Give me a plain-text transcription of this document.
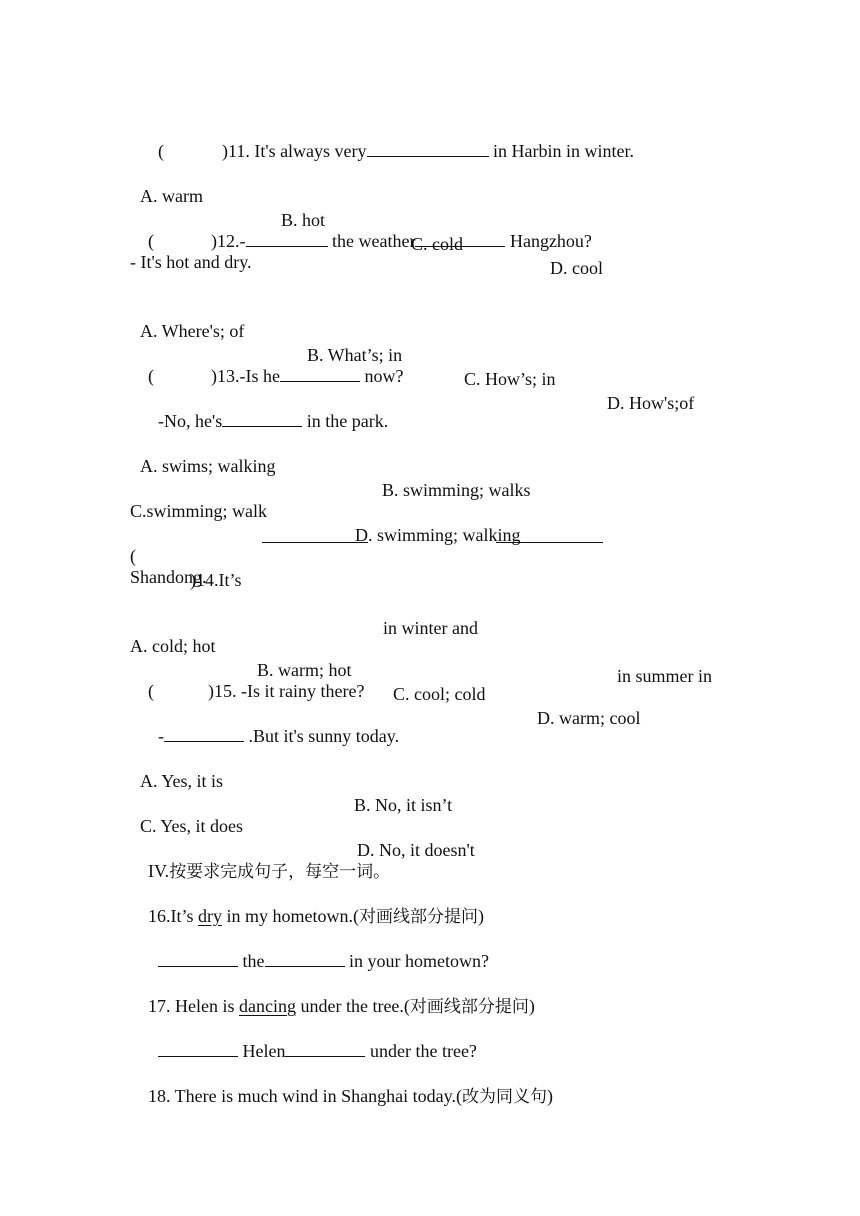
(	)11. It's always very	in Harbin in winter.

A. warm

B. hot

C. cold

D. cool

(	)12.-	the weather	Hangzhou?

- It's hot and dry.

A. Where's; of

B. What’s; in

C. How’s; in

D. How's;of

(	)13.-Is he	now?

-No, he's	in the park.

A. swims; walking

B. swimming; walks

C.swimming; walk

D. swimming; walking

(

)14.It’s

in winter and

in summer in

Shandong.

A. cold; hot

B. warm; hot

C. cool; cold

D. warm; cool

(	)15. -Is it rainy there?

-	.But it's sunny today.

A. Yes, it is

B. No, it isn’t

C. Yes, it does

D. No, it doesn't

IV.按要求完成句子，每空一词。

16.It’s dry in my hometown.(对画线部分提问)

the	in your hometown?

17. Helen is dancing under the tree.(对画线部分提问)

Helen	under the tree?

18. There is much wind in Shanghai today.(改为同义句)
